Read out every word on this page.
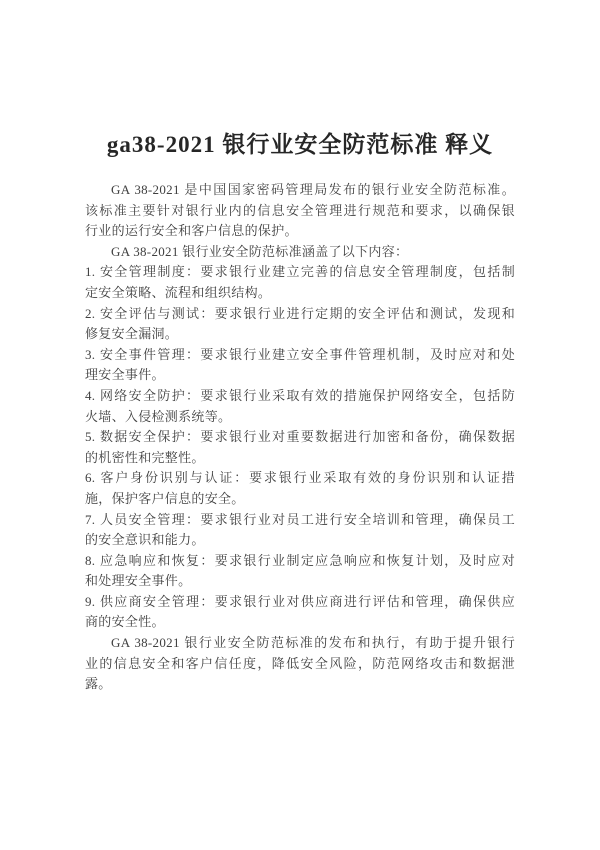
ga38-2021 银行业安全防范标准 释义
GA 38-2021 是中国国家密码管理局发布的银行业安全防范标准。
该标准主要针对银行业内的信息安全管理进行规范和要求，以确保银
行业的运行安全和客户信息的保护。
GA 38-2021 银行业安全防范标准涵盖了以下内容：
1. 安全管理制度：要求银行业建立完善的信息安全管理制度，包括制
定安全策略、流程和组织结构。
2. 安全评估与测试：要求银行业进行定期的安全评估和测试，发现和
修复安全漏洞。
3. 安全事件管理：要求银行业建立安全事件管理机制，及时应对和处
理安全事件。
4. 网络安全防护：要求银行业采取有效的措施保护网络安全，包括防
火墙、入侵检测系统等。
5. 数据安全保护：要求银行业对重要数据进行加密和备份，确保数据
的机密性和完整性。
6. 客户身份识别与认证：要求银行业采取有效的身份识别和认证措
施，保护客户信息的安全。
7. 人员安全管理：要求银行业对员工进行安全培训和管理，确保员工
的安全意识和能力。
8. 应急响应和恢复：要求银行业制定应急响应和恢复计划，及时应对
和处理安全事件。
9. 供应商安全管理：要求银行业对供应商进行评估和管理，确保供应
商的安全性。
GA 38-2021 银行业安全防范标准的发布和执行，有助于提升银行
业的信息安全和客户信任度，降低安全风险，防范网络攻击和数据泄
露。
